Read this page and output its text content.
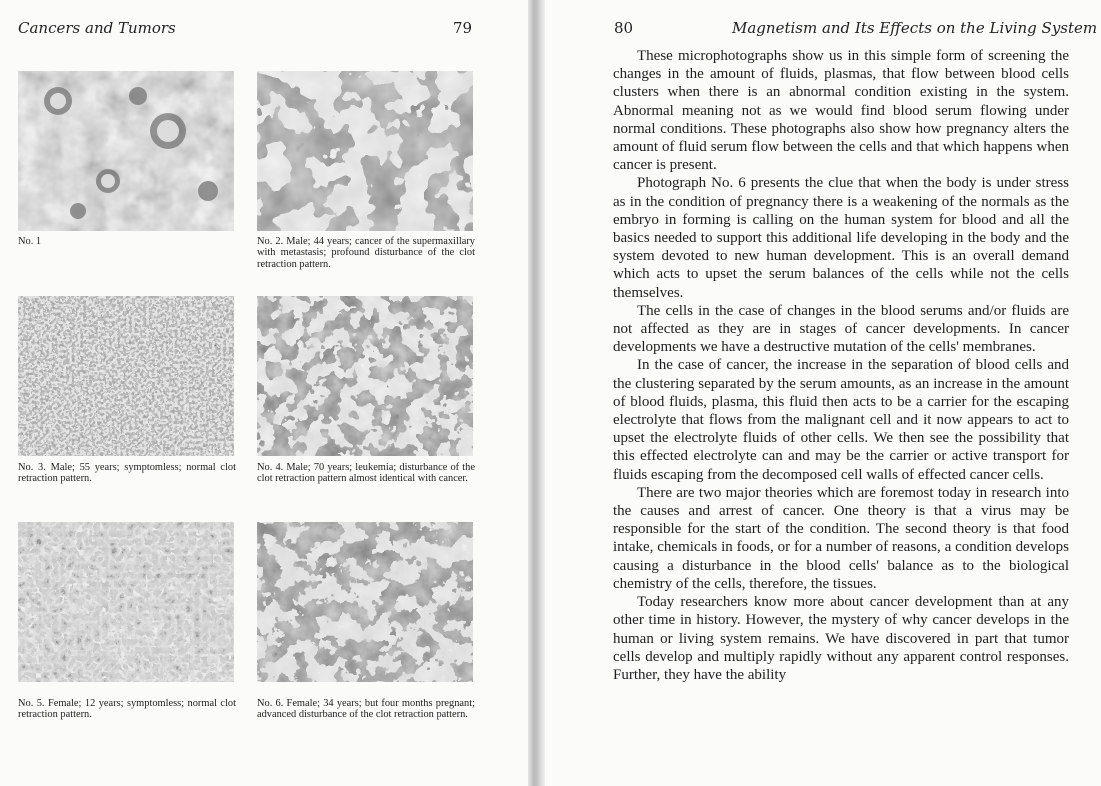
Cancers and Tumors	79
No. 1	No. 2. Male; 44 years; cancer of the supermaxillary with metastasis; profound disturbance of the clot retraction pattern.
No. 3. Male; 55 years; symptomless; normal clot retraction pattern.
No. 4. Male; 70 years; leukemia; disturbance of the clot retraction pattern almost identical with cancer.
No. 5. Female; 12 years; symptomless; normal clot retraction pattern.
No. 6. Female; 34 years; but four months pregnant; advanced disturbance of the clot retraction pattern.
80	Magnetism and Its Effects on the Living System

These microphotographs show us in this simple form of screening the changes in the amount of fluids, plasmas, that flow between blood cells clusters when there is an abnormal condition existing in the system. Abnormal meaning not as we would find blood serum flowing under normal conditions. These photographs also show how pregnancy alters the amount of fluid serum flow between the cells and that which happens when cancer is present.

Photograph No. 6 presents the clue that when the body is under stress as in the condition of pregnancy there is a weakening of the normals as the embryo in forming is calling on the human system for blood and all the basics needed to support this additional life developing in the body and the system devoted to new human development. This is an overall demand which acts to upset the serum balances of the cells while not the cells themselves.

The cells in the case of changes in the blood serums and/or fluids are not affected as they are in stages of cancer developments. In cancer developments we have a destructive mutation of the cells' membranes.

In the case of cancer, the increase in the separation of blood cells and the clustering separated by the serum amounts, as an increase in the amount of blood fluids, plasma, this fluid then acts to be a carrier for the escaping electrolyte that flows from the malignant cell and it now appears to act to upset the electrolyte fluids of other cells. We then see the possibility that this effected electrolyte can and may be the carrier or active transport for fluids escaping from the decomposed cell walls of effected cancer cells.

There are two major theories which are foremost today in research into the causes and arrest of cancer. One theory is that a virus may be responsible for the start of the condition. The second theory is that food intake, chemicals in foods, or for a number of reasons, a condition develops causing a disturbance in the blood cells' balance as to the biological chemistry of the cells, therefore, the tissues.

Today researchers know more about cancer development than at any other time in history. However, the mystery of why cancer develops in the human or living system remains. We have discovered in part that tumor cells develop and multiply rapidly without any apparent control responses. Further, they have the ability
